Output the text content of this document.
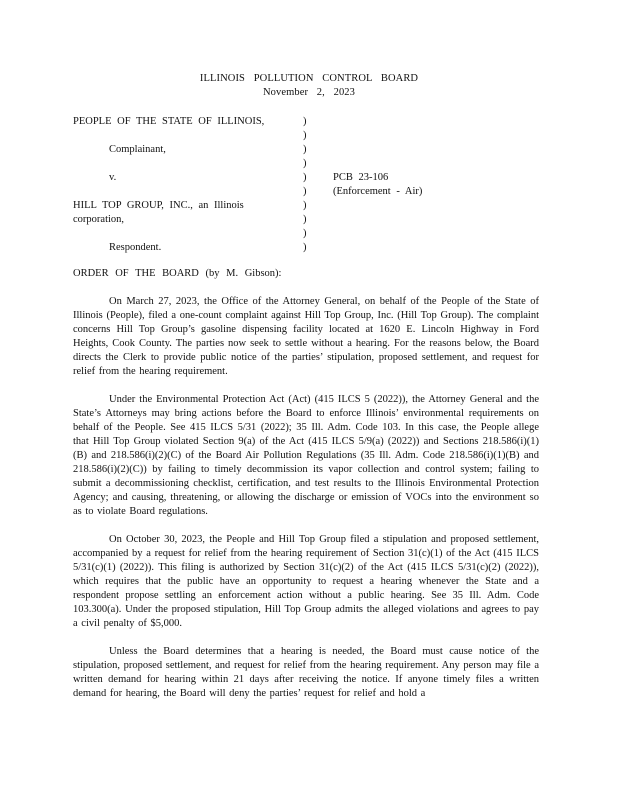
ILLINOIS POLLUTION CONTROL BOARD
November 2, 2023
PEOPLE OF THE STATE OF ILLINOIS,
Complainant,
v.
HILL TOP GROUP, INC., an Illinois
corporation,
Respondent.
)
)
)
)
)
)
)
)
)
)
PCB 23-106
(Enforcement - Air)
ORDER OF THE BOARD (by M. Gibson):

On March 27, 2023, the Office of the Attorney General, on behalf of the People of the State of Illinois (People), filed a one-count complaint against Hill Top Group, Inc. (Hill Top Group). The complaint concerns Hill Top Group’s gasoline dispensing facility located at 1620 E. Lincoln Highway in Ford Heights, Cook County. The parties now seek to settle without a hearing. For the reasons below, the Board directs the Clerk to provide public notice of the parties’ stipulation, proposed settlement, and request for relief from the hearing requirement.

Under the Environmental Protection Act (Act) (415 ILCS 5 (2022)), the Attorney General and the State’s Attorneys may bring actions before the Board to enforce Illinois’ environmental requirements on behalf of the People. See 415 ILCS 5/31 (2022); 35 Ill. Adm. Code 103. In this case, the People allege that Hill Top Group violated Section 9(a) of the Act (415 ILCS 5/9(a) (2022)) and Sections 218.586(i)(1)(B) and 218.586(i)(2)(C) of the Board Air Pollution Regulations (35 Ill. Adm. Code 218.586(i)(1)(B) and 218.586(i)(2)(C)) by failing to timely decommission its vapor collection and control system; failing to submit a decommissioning checklist, certification, and test results to the Illinois Environmental Protection Agency; and causing, threatening, or allowing the discharge or emission of VOCs into the environment so as to violate Board regulations.

On October 30, 2023, the People and Hill Top Group filed a stipulation and proposed settlement, accompanied by a request for relief from the hearing requirement of Section 31(c)(1) of the Act (415 ILCS 5/31(c)(1) (2022)). This filing is authorized by Section 31(c)(2) of the Act (415 ILCS 5/31(c)(2) (2022)), which requires that the public have an opportunity to request a hearing whenever the State and a respondent propose settling an enforcement action without a public hearing. See 35 Ill. Adm. Code 103.300(a). Under the proposed stipulation, Hill Top Group admits the alleged violations and agrees to pay a civil penalty of $5,000.

Unless the Board determines that a hearing is needed, the Board must cause notice of the stipulation, proposed settlement, and request for relief from the hearing requirement. Any person may file a written demand for hearing within 21 days after receiving the notice. If anyone timely files a written demand for hearing, the Board will deny the parties’ request for relief and hold a
